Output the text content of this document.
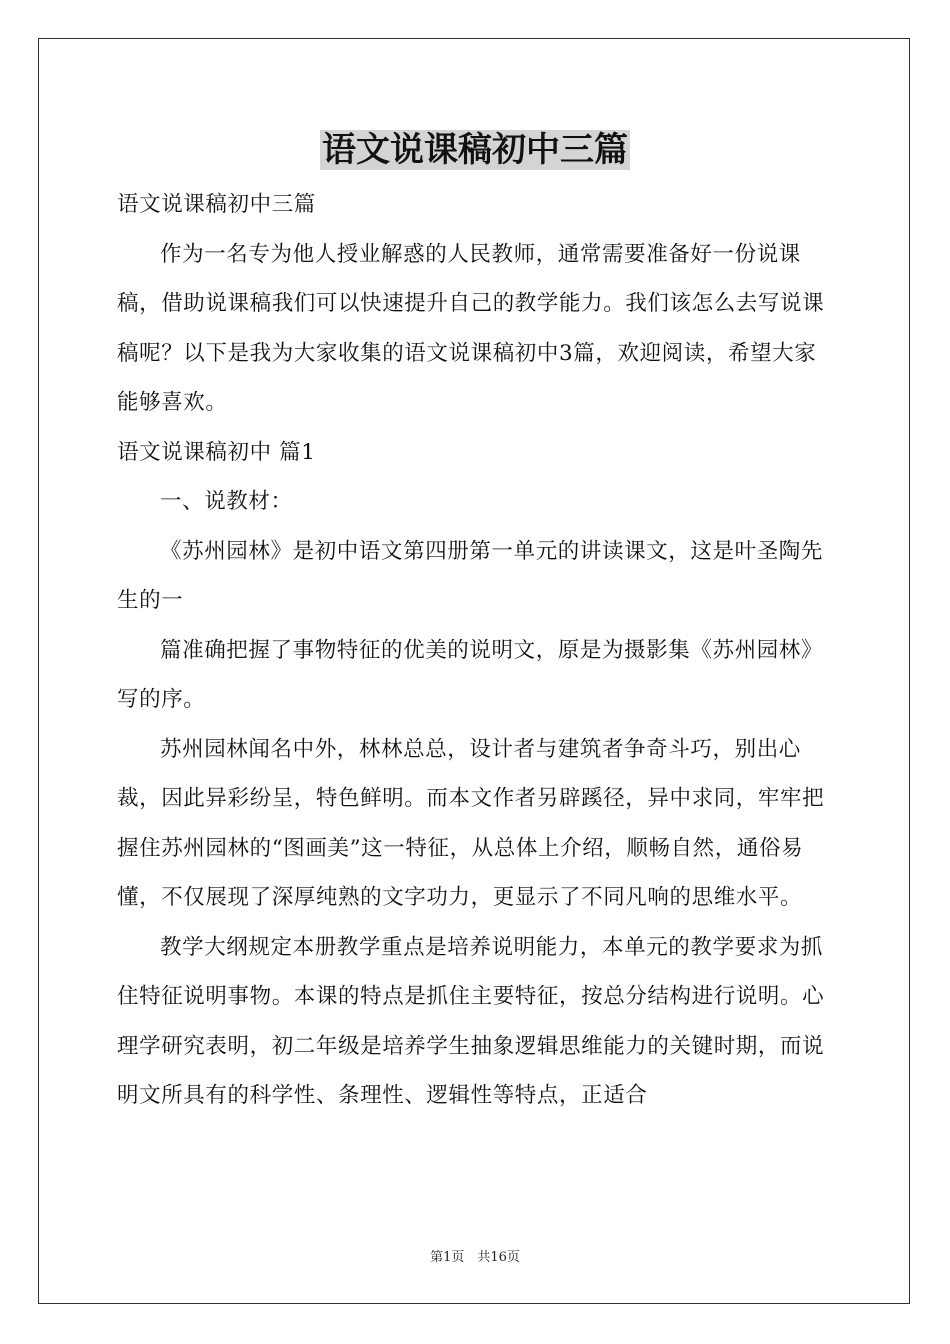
语文说课稿初中三篇

语文说课稿初中三篇

作为一名专为他人授业解惑的人民教师，通常需要准备好一份说课稿，借助说课稿我们可以快速提升自己的教学能力。我们该怎么去写说课稿呢？以下是我为大家收集的语文说课稿初中3篇，欢迎阅读，希望大家能够喜欢。

语文说课稿初中 篇1

一、说教材：

《苏州园林》是初中语文第四册第一单元的讲读课文，这是叶圣陶先生的一

篇准确把握了事物特征的优美的说明文，原是为摄影集《苏州园林》写的序。

苏州园林闻名中外，林林总总，设计者与建筑者争奇斗巧，别出心裁，因此异彩纷呈，特色鲜明。而本文作者另辟蹊径，异中求同，牢牢把握住苏州园林的“图画美”这一特征，从总体上介绍，顺畅自然，通俗易懂，不仅展现了深厚纯熟的文字功力，更显示了不同凡响的思维水平。

教学大纲规定本册教学重点是培养说明能力，本单元的教学要求为抓住特征说明事物。本课的特点是抓住主要特征，按总分结构进行说明。心理学研究表明，初二年级是培养学生抽象逻辑思维能力的关键时期，而说明文所具有的科学性、条理性、逻辑性等特点，正适合

第1页　共16页
